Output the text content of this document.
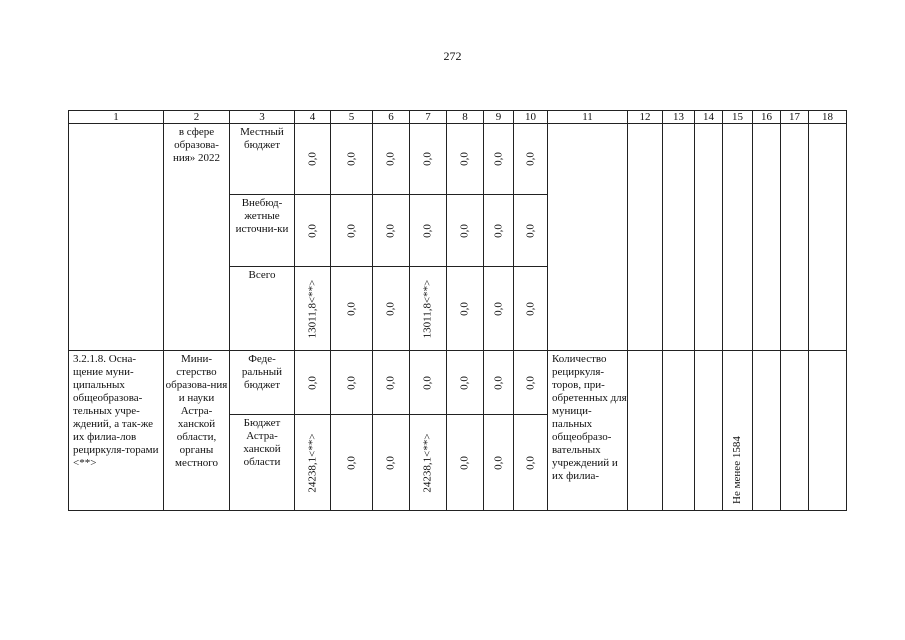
272
1	2	3	4	5	6	7	8	9	10	11	12	13	14	15	16	17	18
	в сфере образова-ния» 2022	Местный бюджет	0,0	0,0	0,0	0,0	0,0	0,0	0,0								

		Внебюд-жетные источни-ки	0,0	0,0	0,0	0,0	0,0	0,0	0,0								

		Всего	13011,8<**>	0,0	0,0	13011,8<**>	0,0	0,0	0,0								

3.2.1.8. Осна-щение муни-ципальных общеобразова-тельных учре-ждений, а так-же их филиа-лов рециркуля-торами <**>	Мини-стерство образова-ния и науки Астра-ханской области, органы местного	Феде-ральный бюджет	0,0	0,0	0,0	0,0	0,0	0,0	0,0	Количество рециркуля-торов, при-обретенных для муници-пальных общеобразо-вательных учреждений и их филиа-				Не менее 1584			

		Бюджет Астра-ханской области	24238,1<**>	0,0	0,0	24238,1<**>	0,0	0,0	0,0								
